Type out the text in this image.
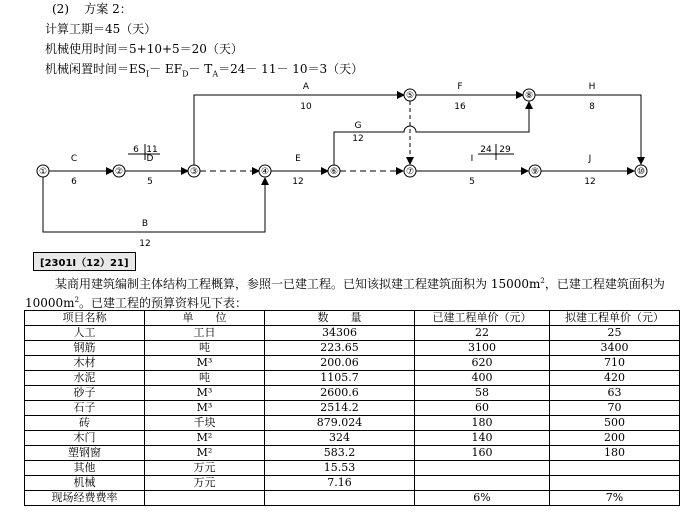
(2)    方案 2：
计算工期＝45（天）
机械使用时间＝5+10+5＝20（天）
机械闲置时间$=ES_I- EF_D- T_A=24- 11- 10=3$（天）
①	②	③	④
⑤
⑥	⑦
⑧
⑨	⑩
A
10
B
12
C
6
D
5
E
12
F
16
G
12
H
8
I
5
J
12
6 11	24 29
[2301I（12）21]
某商用建筑编制主体结构工程概算，参照一已建工程。已知该拟建工程建筑面积为 $15000m^2$，已建工程建筑面积为
$10000m^2$。已建工程的预算资料见下表：
项目名称	单　　位	数　　量	已建工程单价（元）	拟建工程单价（元）
人工	工日	34306	22	25
钢筋	吨	223.65	3100	3400
木材	M³	200.06	620	710
水泥	吨	1105.7	400	420
砂子	M³	2600.6	58	63
石子	M³	2514.2	60	70
砖	千块	879.024	180	500
木门	M²	324	140	200
塑钢窗	M²	583.2	160	180
其他	万元	15.53		
机械	万元	7.16		
现场经费费率			6%	7%
